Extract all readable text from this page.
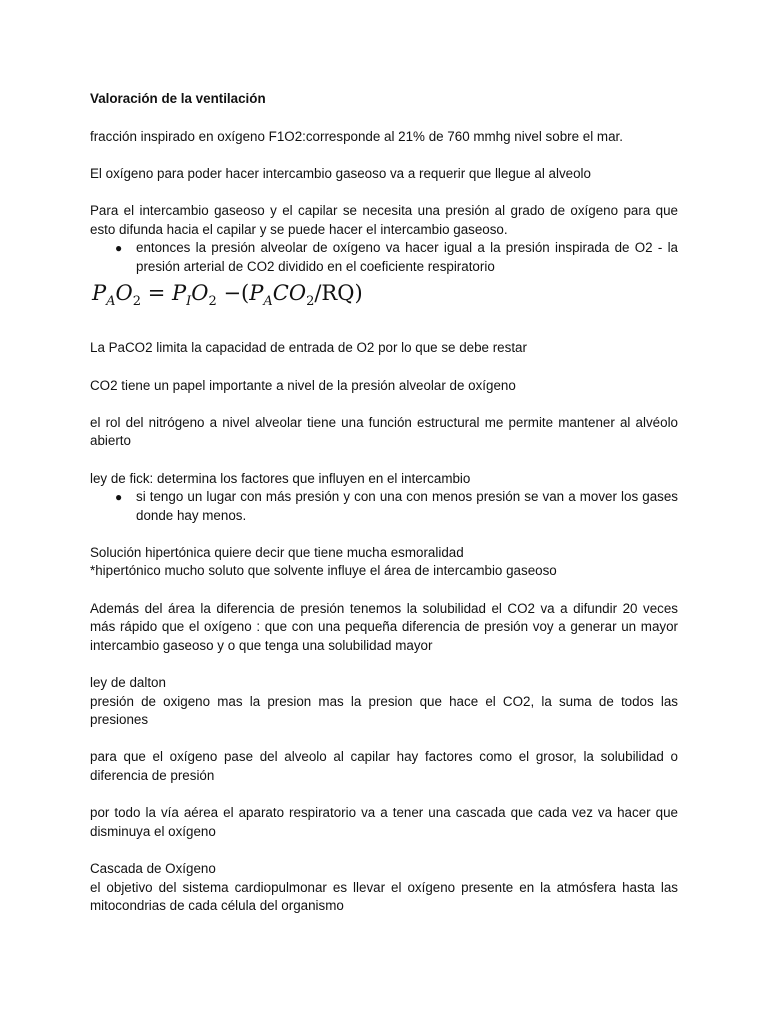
Valoración de la ventilación

fracción inspirado en oxígeno F1O2:corresponde al 21% de 760 mmhg nivel sobre el mar.

El oxígeno para poder hacer intercambio gaseoso va a requerir que llegue al alveolo

Para el intercambio gaseoso y el capilar se necesita una presión al grado de oxígeno para que esto difunda hacia el capilar y se puede hacer el intercambio gaseoso.

● entonces la presión alveolar de oxígeno va hacer igual a la presión inspirada de O2 - la presión arterial de CO2 dividido en el coeficiente respiratorio
$P_AO_2 = P_IO_2 -(P_ACO_2/RQ)$

La PaCO2 limita la capacidad de entrada de O2 por lo que se debe restar

CO2 tiene un papel importante a nivel de la presión alveolar de oxígeno

el rol del nitrógeno a nivel alveolar tiene una función estructural me permite mantener al alvéolo abierto

ley de fick: determina los factores que influyen en el intercambio

● si tengo un lugar con más presión y con una con menos presión se van a mover los gases donde hay menos.

Solución hipertónica quiere decir que tiene mucha esmoralidad
*hipertónico mucho soluto que solvente influye el área de intercambio gaseoso

Además del área la diferencia de presión tenemos la solubilidad el CO2 va a difundir 20 veces más rápido que el oxígeno : que con una pequeña diferencia de presión voy a generar un mayor intercambio gaseoso y o que tenga una solubilidad mayor

ley de dalton
presión de oxigeno mas la presion mas la presion que hace el CO2, la suma de todos las presiones

para que el oxígeno pase del alveolo al capilar hay factores como el grosor, la solubilidad o diferencia de presión

por todo la vía aérea el aparato respiratorio va a tener una cascada que cada vez va hacer que disminuya el oxígeno

Cascada de Oxígeno
el objetivo del sistema cardiopulmonar es llevar el oxígeno presente en la atmósfera hasta las mitocondrias de cada célula del organismo
